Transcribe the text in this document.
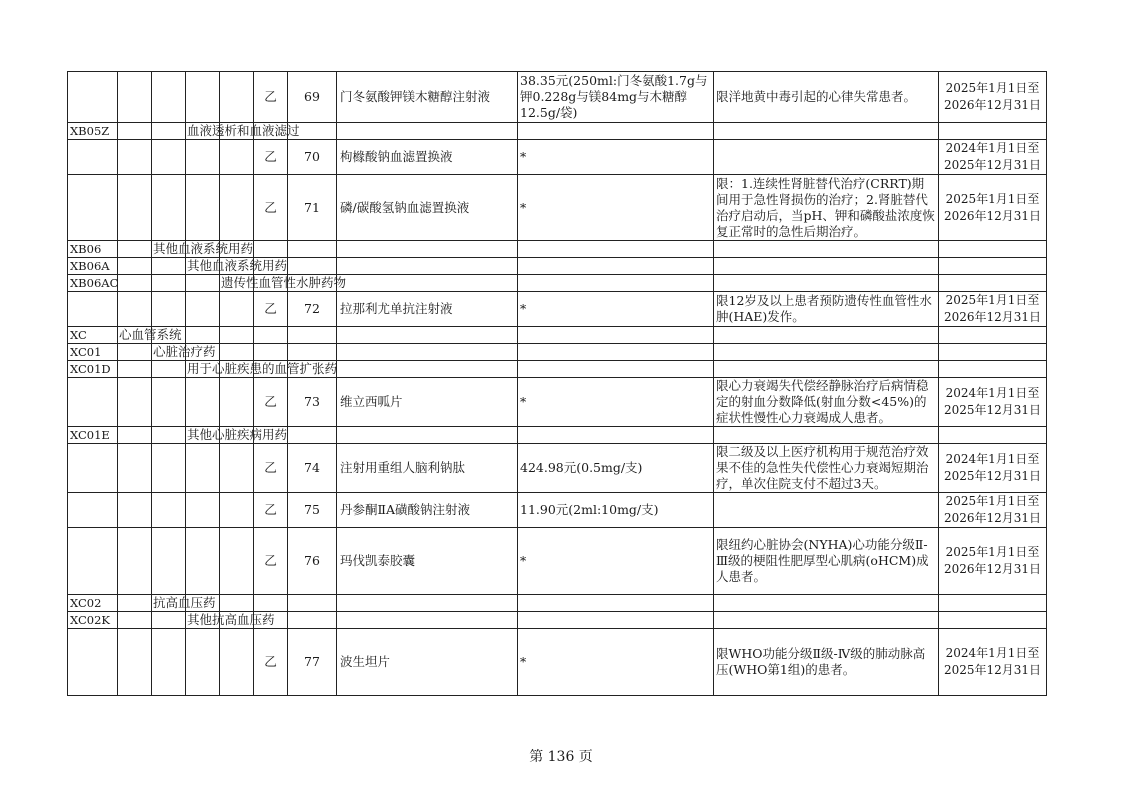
					乙	69	门冬氨酸钾镁木糖醇注射液	38.35元(250ml:门冬氨酸1.7g与钾0.228g与镁84mg与木糖醇12.5g/袋)	限洋地黄中毒引起的心律失常患者。	2025年1月1日至2026年12月31日
XB05Z			血液透析和血液滤过							
					乙	70	枸橼酸钠血滤置换液	*		2024年1月1日至2025年12月31日
					乙	71	磷/碳酸氢钠血滤置换液	*	限：1.连续性肾脏替代治疗(CRRT)期间用于急性肾损伤的治疗；2.肾脏替代治疗启动后，当pH、钾和磷酸盐浓度恢复正常时的急性后期治疗。	2025年1月1日至2026年12月31日
XB06		其他血液系统用药								
XB06A			其他血液系统用药							
XB06AC				遗传性血管性水肿药物						
					乙	72	拉那利尤单抗注射液	*	限12岁及以上患者预防遗传性血管性水肿(HAE)发作。	2025年1月1日至2026年12月31日
XC	心血管系统									
XC01		心脏治疗药								
XC01D			用于心脏疾患的血管扩张药							
					乙	73	维立西呱片	*	限心力衰竭失代偿经静脉治疗后病情稳定的射血分数降低(射血分数<45%)的症状性慢性心力衰竭成人患者。	2024年1月1日至2025年12月31日
XC01E			其他心脏疾病用药							
					乙	74	注射用重组人脑利钠肽	424.98元(0.5mg/支)	限二级及以上医疗机构用于规范治疗效果不佳的急性失代偿性心力衰竭短期治疗，单次住院支付不超过3天。	2024年1月1日至2025年12月31日
					乙	75	丹参酮ⅡA磺酸钠注射液	11.90元(2ml:10mg/支)		2025年1月1日至2026年12月31日
					乙	76	玛伐凯泰胶囊	*	限纽约心脏协会(NYHA)心功能分级Ⅱ-Ⅲ级的梗阻性肥厚型心肌病(oHCM)成人患者。	2025年1月1日至2026年12月31日
XC02		抗高血压药								
XC02K			其他抗高血压药							
					乙	77	波生坦片	*	限WHO功能分级Ⅱ级-Ⅳ级的肺动脉高压(WHO第1组)的患者。	2024年1月1日至2025年12月31日
第 136 页
